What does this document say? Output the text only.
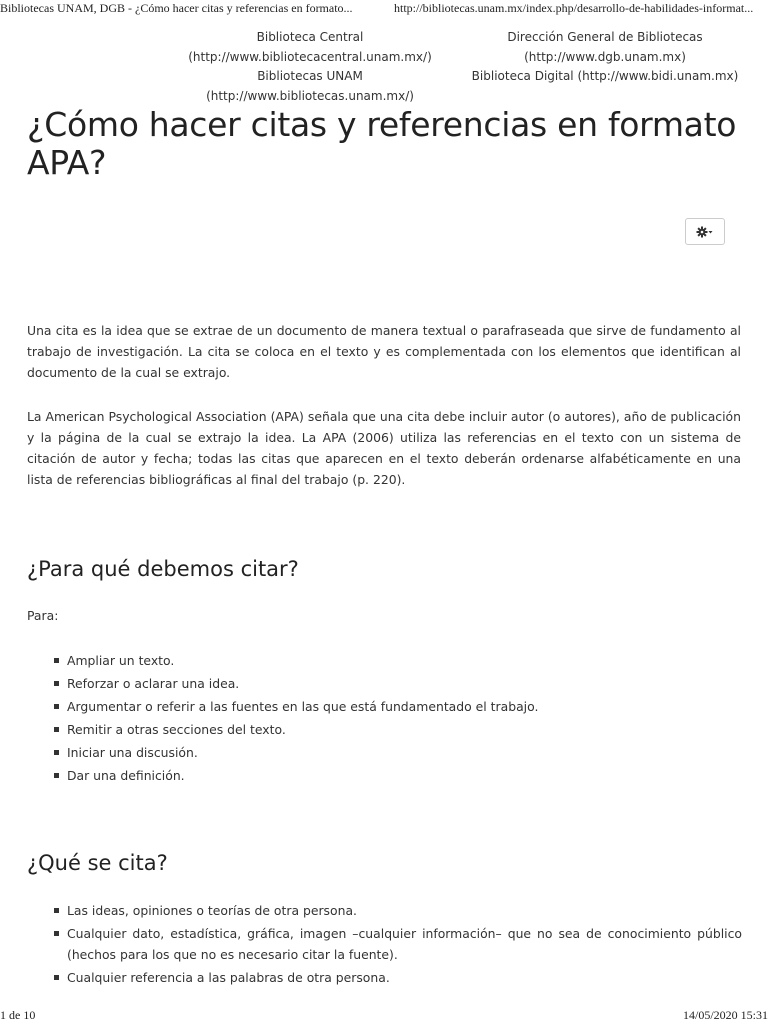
Bibliotecas UNAM, DGB - ¿Cómo hacer citas y referencias en formato...	http://bibliotecas.unam.mx/index.php/desarrollo-de-habilidades-informat...
Biblioteca Central
(http://www.bibliotecacentral.unam.mx/)
Bibliotecas UNAM
(http://www.bibliotecas.unam.mx/)
Dirección General de Bibliotecas
(http://www.dgb.unam.mx)
Biblioteca Digital (http://www.bidi.unam.mx)
¿Cómo hacer citas y referencias en formato APA?

Una cita es la idea que se extrae de un documento de manera textual o parafraseada que sirve de fundamento al trabajo de investigación. La cita se coloca en el texto y es complementada con los elementos que identifican al documento de la cual se extrajo.

La American Psychological Association (APA) señala que una cita debe incluir autor (o autores), año de publicación y la página de la cual se extrajo la idea. La APA (2006) utiliza las referencias en el texto con un sistema de citación de autor y fecha; todas las citas que aparecen en el texto deberán ordenarse alfabéticamente en una lista de referencias bibliográficas al final del trabajo (p. 220).

¿Para qué debemos citar?
Para:
Ampliar un texto.
Reforzar o aclarar una idea.
Argumentar o referir a las fuentes en las que está fundamentado el trabajo.
Remitir a otras secciones del texto.
Iniciar una discusión.
Dar una definición.
¿Qué se cita?
Las ideas, opiniones o teorías de otra persona.
Cualquier dato, estadística, gráfica, imagen –cualquier información– que no sea de conocimiento público (hechos para los que no es necesario citar la fuente).
Cualquier referencia a las palabras de otra persona.
1 de 10	14/05/2020 15:31
